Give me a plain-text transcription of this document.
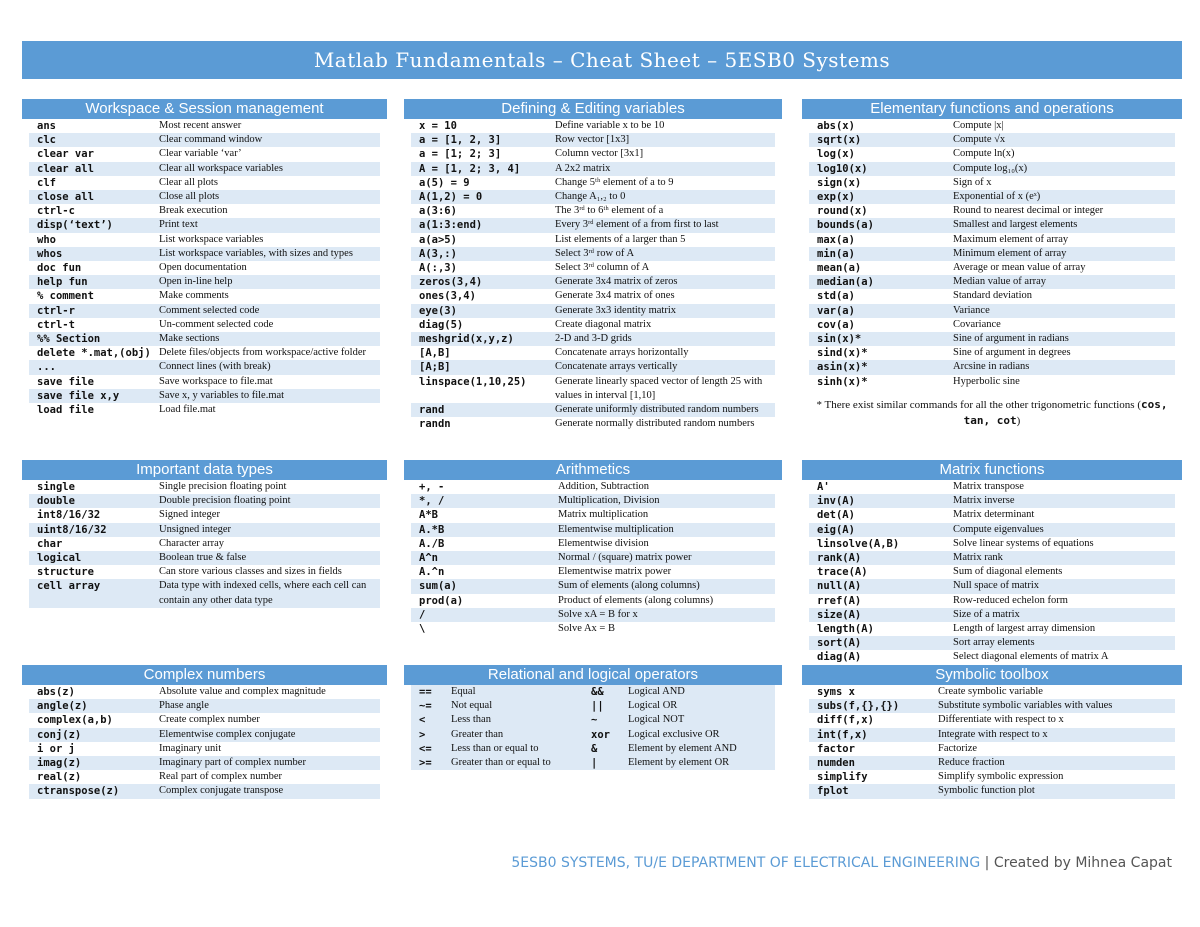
Matlab Fundamentals – Cheat Sheet – 5ESB0 Systems
Workspace & Session management
ans	Most recent answer
clc	Clear command window
clear var	Clear variable ‘var’
clear all	Clear all workspace variables
clf	Clear all plots
close all	Close all plots
ctrl-c	Break execution
disp(‘text’)	Print text
who	List workspace variables
whos	List workspace variables, with sizes and types
doc fun	Open documentation
help fun	Open in-line help
% comment	Make comments
ctrl-r	Comment selected code
ctrl-t	Un-comment selected code
%% Section	Make sections
delete *.mat,(obj)	Delete files/objects from workspace/active folder
...	Connect lines (with break)
save file	Save workspace to file.mat
save file x,y	Save x, y variables to file.mat
load file	Load file.mat
Defining & Editing variables
x = 10	Define variable x to be 10
a = [1, 2, 3]	Row vector [1x3]
a = [1; 2; 3]	Column vector [3x1]
A = [1, 2; 3, 4]	A 2x2 matrix
a(5) = 9	Change 5ᵗʰ element of a to 9
A(1,2) = 0	Change A₁,₂ to 0
a(3:6)	The 3ʳᵈ to 6ᵗʰ element of a
a(1:3:end)	Every 3ʳᵈ element of a from first to last
a(a>5)	List elements of a larger than 5
A(3,:)	Select 3ʳᵈ row of A
A(:,3)	Select 3ʳᵈ column of A
zeros(3,4)	Generate 3x4 matrix of zeros
ones(3,4)	Generate 3x4 matrix of ones
eye(3)	Generate 3x3 identity matrix
diag(5)	Create diagonal matrix
meshgrid(x,y,z)	2-D and 3-D grids
[A,B]	Concatenate arrays horizontally
[A;B]	Concatenate arrays vertically
linspace(1,10,25)	Generate linearly spaced vector of length 25 with values in interval [1,10]
rand	Generate uniformly distributed random numbers
randn	Generate normally distributed random numbers
Elementary functions and operations
abs(x)	Compute |x|
sqrt(x)	Compute √x
log(x)	Compute ln(x)
log10(x)	Compute log₁₀(x)
sign(x)	Sign of x
exp(x)	Exponential of x (eˣ)
round(x)	Round to nearest decimal or integer
bounds(a)	Smallest and largest elements
max(a)	Maximum element of array
min(a)	Minimum element of array
mean(a)	Average or mean value of array
median(a)	Median value of array
std(a)	Standard deviation
var(a)	Variance
cov(a)	Covariance
sin(x)*	Sine of argument in radians
sind(x)*	Sine of argument in degrees
asin(x)*	Arcsine in radians
sinh(x)*	Hyperbolic sine
* There exist similar commands for all the other trigonometric functions (cos, tan, cot)
Important data types
single	Single precision floating point
double	Double precision floating point
int8/16/32	Signed integer
uint8/16/32	Unsigned integer
char	Character array
logical	Boolean true & false
structure	Can store various classes and sizes in fields
cell array	Data type with indexed cells, where each cell can contain any other data type
Arithmetics
+, -	Addition, Subtraction
*, /	Multiplication, Division
A*B	Matrix multiplication
A.*B	Elementwise multiplication
A./B	Elementwise division
A^n	Normal / (square) matrix power
A.^n	Elementwise matrix power
sum(a)	Sum of elements (along columns)
prod(a)	Product of elements (along columns)
/	Solve xA = B for x
\	Solve Ax = B
Matrix functions
A'	Matrix transpose
inv(A)	Matrix inverse
det(A)	Matrix determinant
eig(A)	Compute eigenvalues
linsolve(A,B)	Solve linear systems of equations
rank(A)	Matrix rank
trace(A)	Sum of diagonal elements
null(A)	Null space of matrix
rref(A)	Row-reduced echelon form
size(A)	Size of a matrix
length(A)	Length of largest array dimension
sort(A)	Sort array elements
diag(A)	Select diagonal elements of matrix A
Complex numbers
abs(z)	Absolute value and complex magnitude
angle(z)	Phase angle
complex(a,b)	Create complex number
conj(z)	Elementwise complex conjugate
i or j	Imaginary unit
imag(z)	Imaginary part of complex number
real(z)	Real part of complex number
ctranspose(z)	Complex conjugate transpose
Relational and logical operators
==	Equal	&&	Logical AND
~=	Not equal	||	Logical OR
<	Less than	~	Logical NOT
>	Greater than	xor	Logical exclusive OR
<=	Less than or equal to	&	Element by element AND
>=	Greater than or equal to	|	Element by element OR
Symbolic toolbox
syms x	Create symbolic variable
subs(f,{},{})	Substitute symbolic variables with values
diff(f,x)	Differentiate with respect to x
int(f,x)	Integrate with respect to x
factor	Factorize
numden	Reduce fraction
simplify	Simplify symbolic expression
fplot	Symbolic function plot
5ESB0 SYSTEMS, TU/E DEPARTMENT OF ELECTRICAL ENGINEERING | Created by Mihnea Capat
